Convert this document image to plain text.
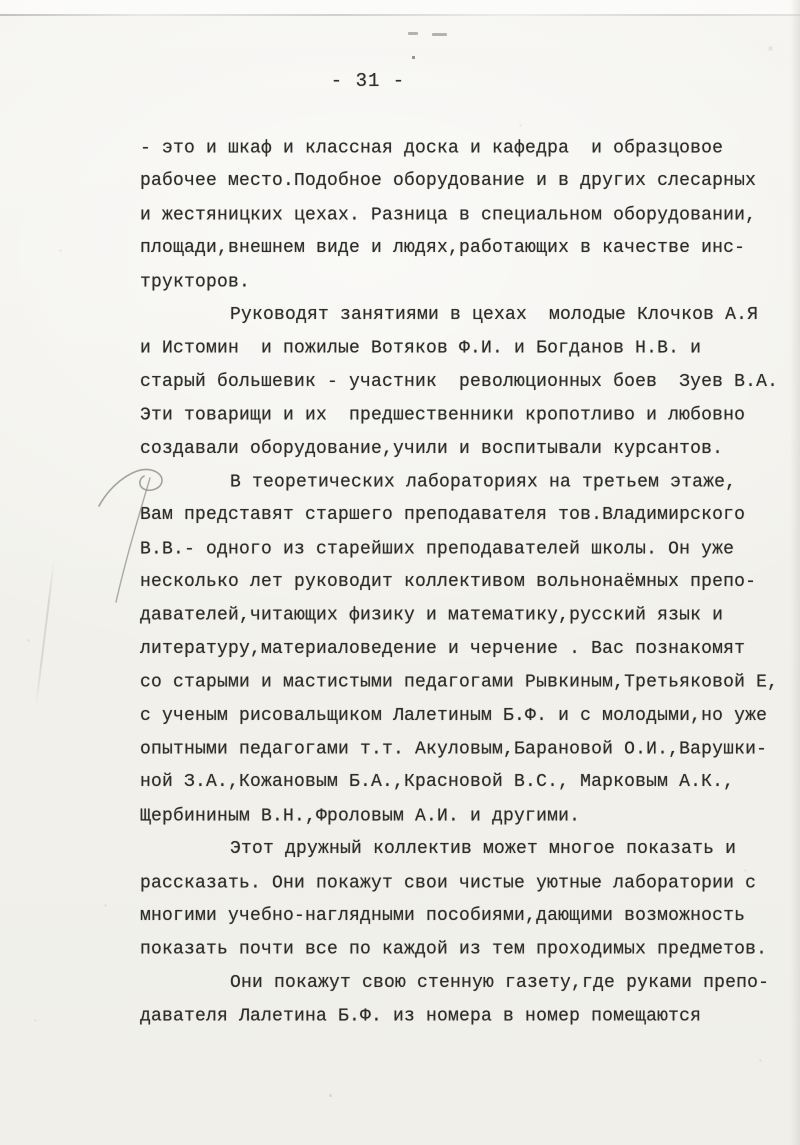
- 31 -
- это и шкаф и классная доска и кафедра  и образцовое
рабочее место.Подобное оборудование и в других слесарных
и жестяницких цехах. Разница в специальном оборудовании,
площади,внешнем виде и людях,работающих в качестве инс-
трукторов.
Руководят занятиями в цехах  молодые Клочков А.Я
и Истомин  и пожилые Вотяков Ф.И. и Богданов Н.В. и
старый большевик - участник  революционных боев  Зуев В.А.
Эти товарищи и их  предшественники кропотливо и любовно
создавали оборудование,учили и воспитывали курсантов.
В теоретических лабораториях на третьем этаже,
Вам представят старшего преподавателя тов.Владимирского
В.В.- одного из старейших преподавателей школы. Он уже
несколько лет руководит коллективом вольнонаёмных препо-
давателей,читающих физику и математику,русский язык и
литературу,материаловедение и черчение . Вас познакомят
со старыми и мастистыми педагогами Рывкиным,Третьяковой Е,
с ученым рисовальщиком Лалетиным Б.Ф. и с молодыми,но уже
опытными педагогами т.т. Акуловым,Барановой О.И.,Варушки-
ной З.А.,Кожановым Б.А.,Красновой В.С., Марковым А.К.,
Щербининым В.Н.,Фроловым А.И. и другими.
Этот дружный коллектив может многое показать и
рассказать. Они покажут свои чистые уютные лаборатории с
многими учебно-наглядными пособиями,дающими возможность
показать почти все по каждой из тем проходимых предметов.
Они покажут свою стенную газету,где руками препо-
давателя Лалетина Б.Ф. из номера в номер помещаются
